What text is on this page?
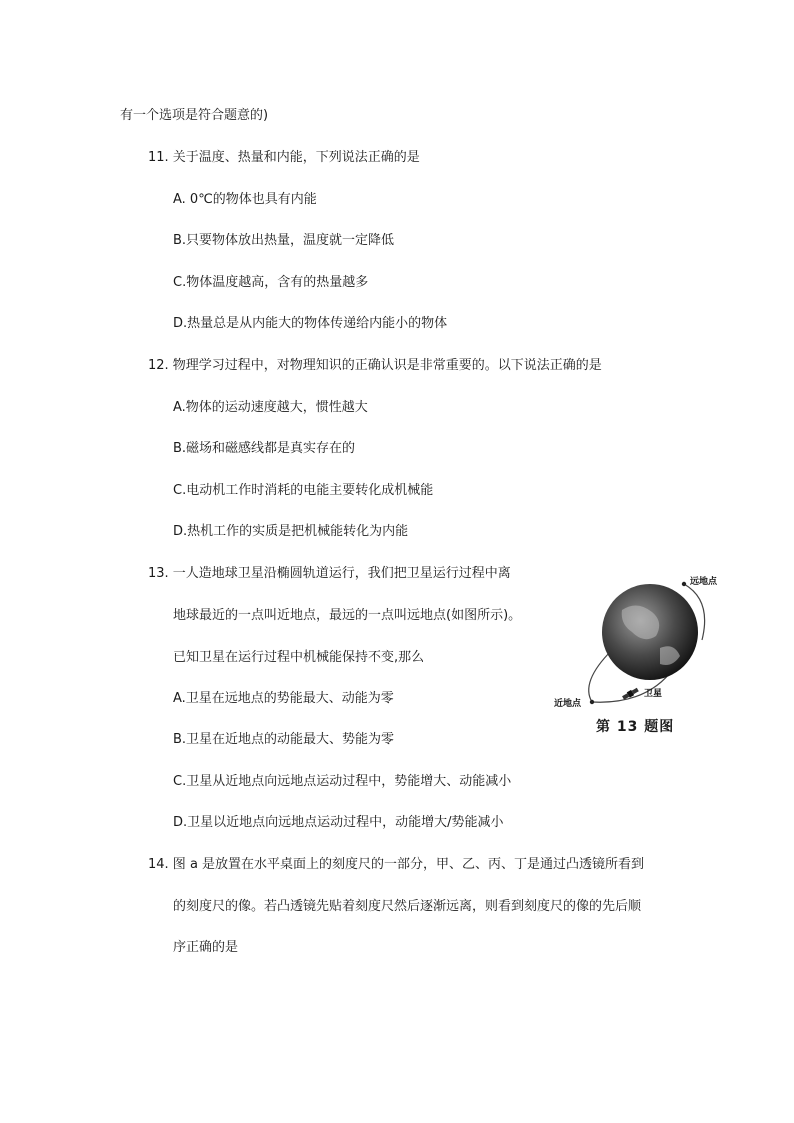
有一个选项是符合题意的)
11. 关于温度、热量和内能，下列说法正确的是
A. 0℃的物体也具有内能
B.只要物体放出热量，温度就一定降低
C.物体温度越高，含有的热量越多
D.热量总是从内能大的物体传递给内能小的物体
12. 物理学习过程中，对物理知识的正确认识是非常重要的。以下说法正确的是
A.物体的运动速度越大，惯性越大
B.磁场和磁感线都是真实存在的
C.电动机工作时消耗的电能主要转化成机械能
D.热机工作的实质是把机械能转化为内能
13. 一人造地球卫星沿椭圆轨道运行，我们把卫星运行过程中离
地球最近的一点叫近地点，最远的一点叫远地点(如图所示)。
已知卫星在运行过程中机械能保持不变,那么
A.卫星在远地点的势能最大、动能为零
B.卫星在近地点的动能最大、势能为零
C.卫星从近地点向远地点运动过程中，势能增大、动能减小
D.卫星以近地点向远地点运动过程中，动能增大/势能减小
远地点
近地点
卫星
第 13 题图
14. 图 a 是放置在水平桌面上的刻度尺的一部分，甲、乙、丙、丁是通过凸透镜所看到
的刻度尺的像。若凸透镜先贴着刻度尺然后逐渐远离，则看到刻度尺的像的先后顺
序正确的是
